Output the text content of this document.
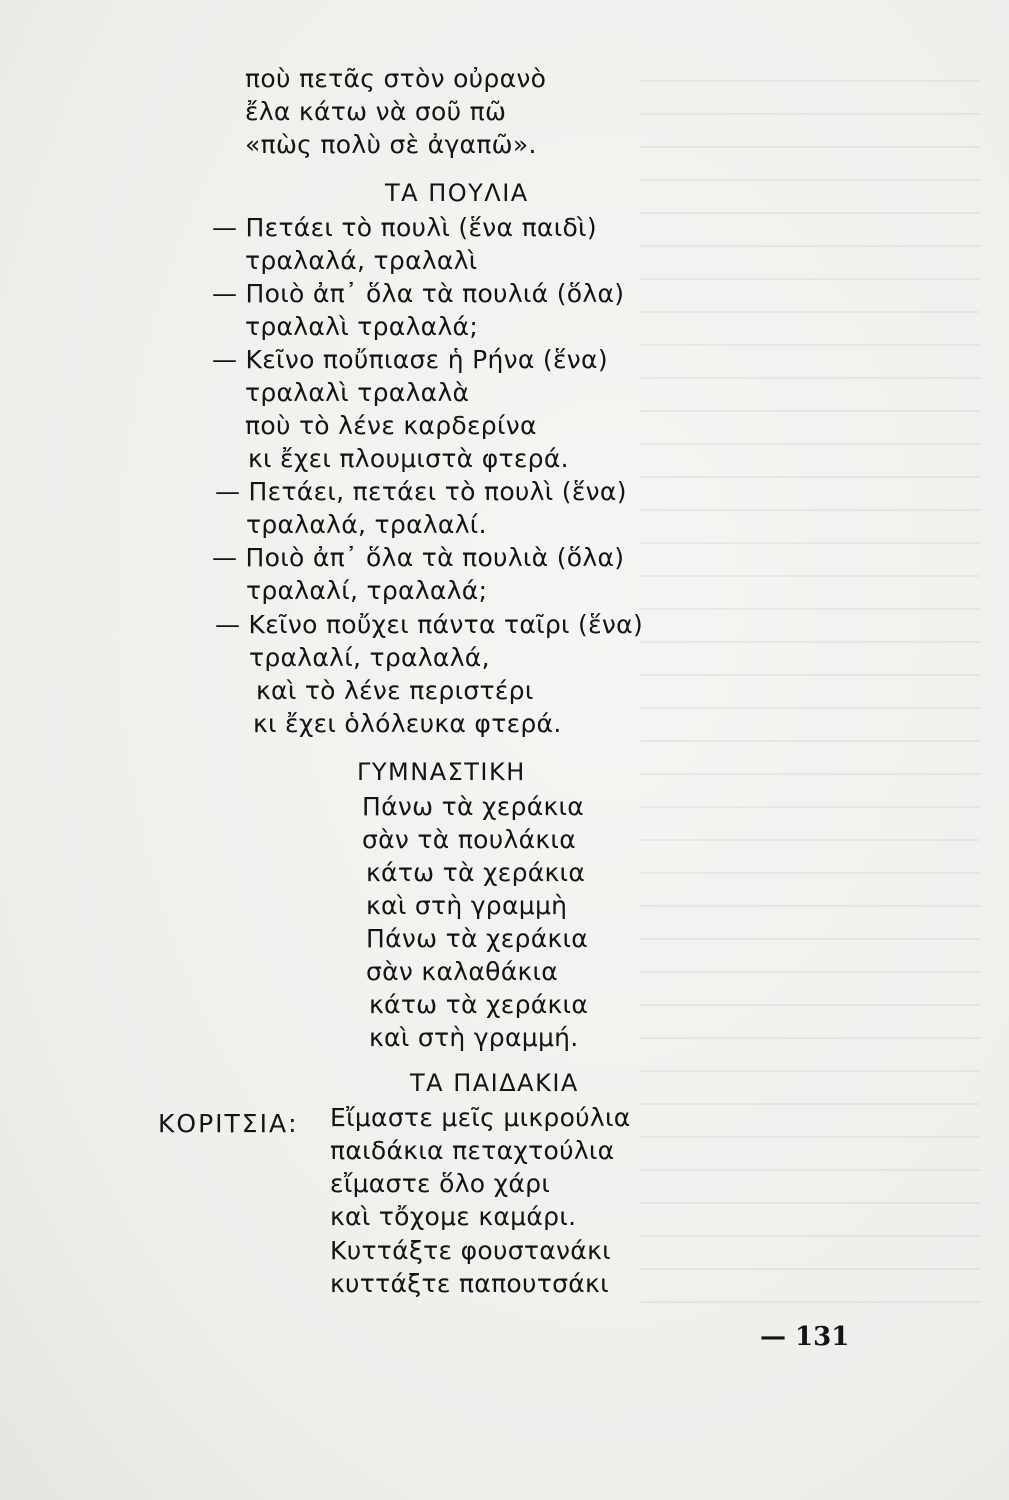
ποὺ πετᾶς στὸν οὐρανὸ
ἔλα κάτω νὰ σοῦ πῶ
«πὼς πολὺ σὲ ἀγαπῶ».
ΤΑ ΠΟΥΛΙΑ
— Πετάει τὸ πουλὶ (ἕνα παιδὶ)
τραλαλά, τραλαλὶ
— Ποιὸ ἀπ᾽ ὅλα τὰ πουλιά (ὅλα)
τραλαλὶ τραλαλά;
— Κεῖνο ποὔπιασε ἡ Ρήνα (ἕνα)
τραλαλὶ τραλαλὰ
ποὺ τὸ λένε καρδερίνα
κι ἔχει πλουμιστὰ φτερά.
— Πετάει, πετάει τὸ πουλὶ (ἕνα)
τραλαλά, τραλαλί.
— Ποιὸ ἀπ᾽ ὅλα τὰ πουλιὰ (ὅλα)
τραλαλί, τραλαλά;
— Κεῖνο ποὔχει πάντα ταῖρι (ἕνα)
τραλαλί, τραλαλά,
καὶ τὸ λένε περιστέρι
κι ἔχει ὁλόλευκα φτερά.
ΓΥΜΝΑΣΤΙΚΗ
Πάνω τὰ χεράκια
σὰν τὰ πουλάκια
κάτω τὰ χεράκια
καὶ στὴ γραμμὴ
Πάνω τὰ χεράκια
σὰν καλαθάκια
κάτω τὰ χεράκια
καὶ στὴ γραμμή.
ΤΑ ΠΑΙΔΑΚΙΑ
ΚΟΡΙΤΣΙΑ: Εἴμαστε μεῖς μικρούλια
παιδάκια πεταχτούλια
εἴμαστε ὅλο χάρι
καὶ τὄχομε καμάρι.
Κυττάξτε φουστανάκι
κυττάξτε παπουτσάκι
— 131
